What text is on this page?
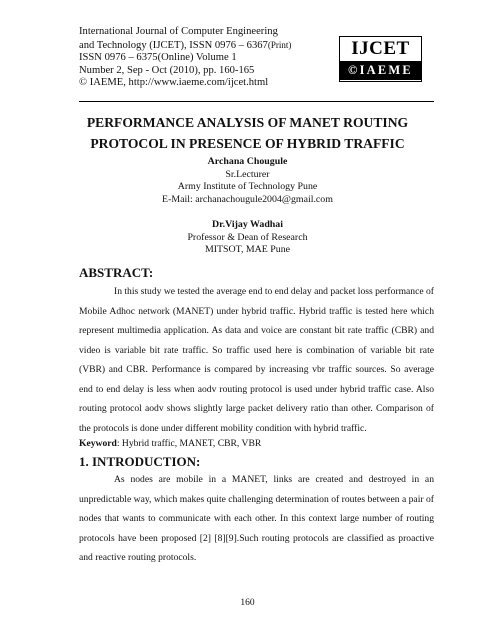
International Journal of Computer Engineering
and Technology (IJCET), ISSN 0976 – 6367(Print)
ISSN 0976 – 6375(Online) Volume 1
Number 2, Sep - Oct (2010), pp. 160-165
© IAEME, http://www.iaeme.com/ijcet.html
IJCET
©IAEME
PERFORMANCE ANALYSIS OF MANET ROUTING
PROTOCOL IN PRESENCE OF HYBRID TRAFFIC
Archana Chougule
Sr.Lecturer
Army Institute of Technology Pune
E-Mail: archanachougule2004@gmail.com
Dr.Vijay Wadhai
Professor & Dean of Research
MITSOT, MAE Pune
ABSTRACT:

In this study we tested the average end to end delay and packet loss performance of Mobile Adhoc network (MANET) under hybrid traffic. Hybrid traffic is tested here which represent multimedia application. As data and voice are constant bit rate traffic (CBR) and video is variable bit rate traffic. So traffic used here is combination of variable bit rate (VBR) and CBR. Performance is compared by increasing vbr traffic sources. So average end to end delay is less when aodv routing protocol is used under hybrid traffic case. Also routing protocol aodv shows slightly large packet delivery ratio than other. Comparison of the protocols is done under different mobility condition with hybrid traffic.

Keyword: Hybrid traffic, MANET, CBR, VBR
1. INTRODUCTION:

As nodes are mobile in a MANET, links are created and destroyed in an unpredictable way, which makes quite challenging determination of routes between a pair of nodes that wants to communicate with each other. In this context large number of routing protocols have been proposed [2] [8][9].Such routing protocols are classified as proactive and reactive routing protocols.

160
